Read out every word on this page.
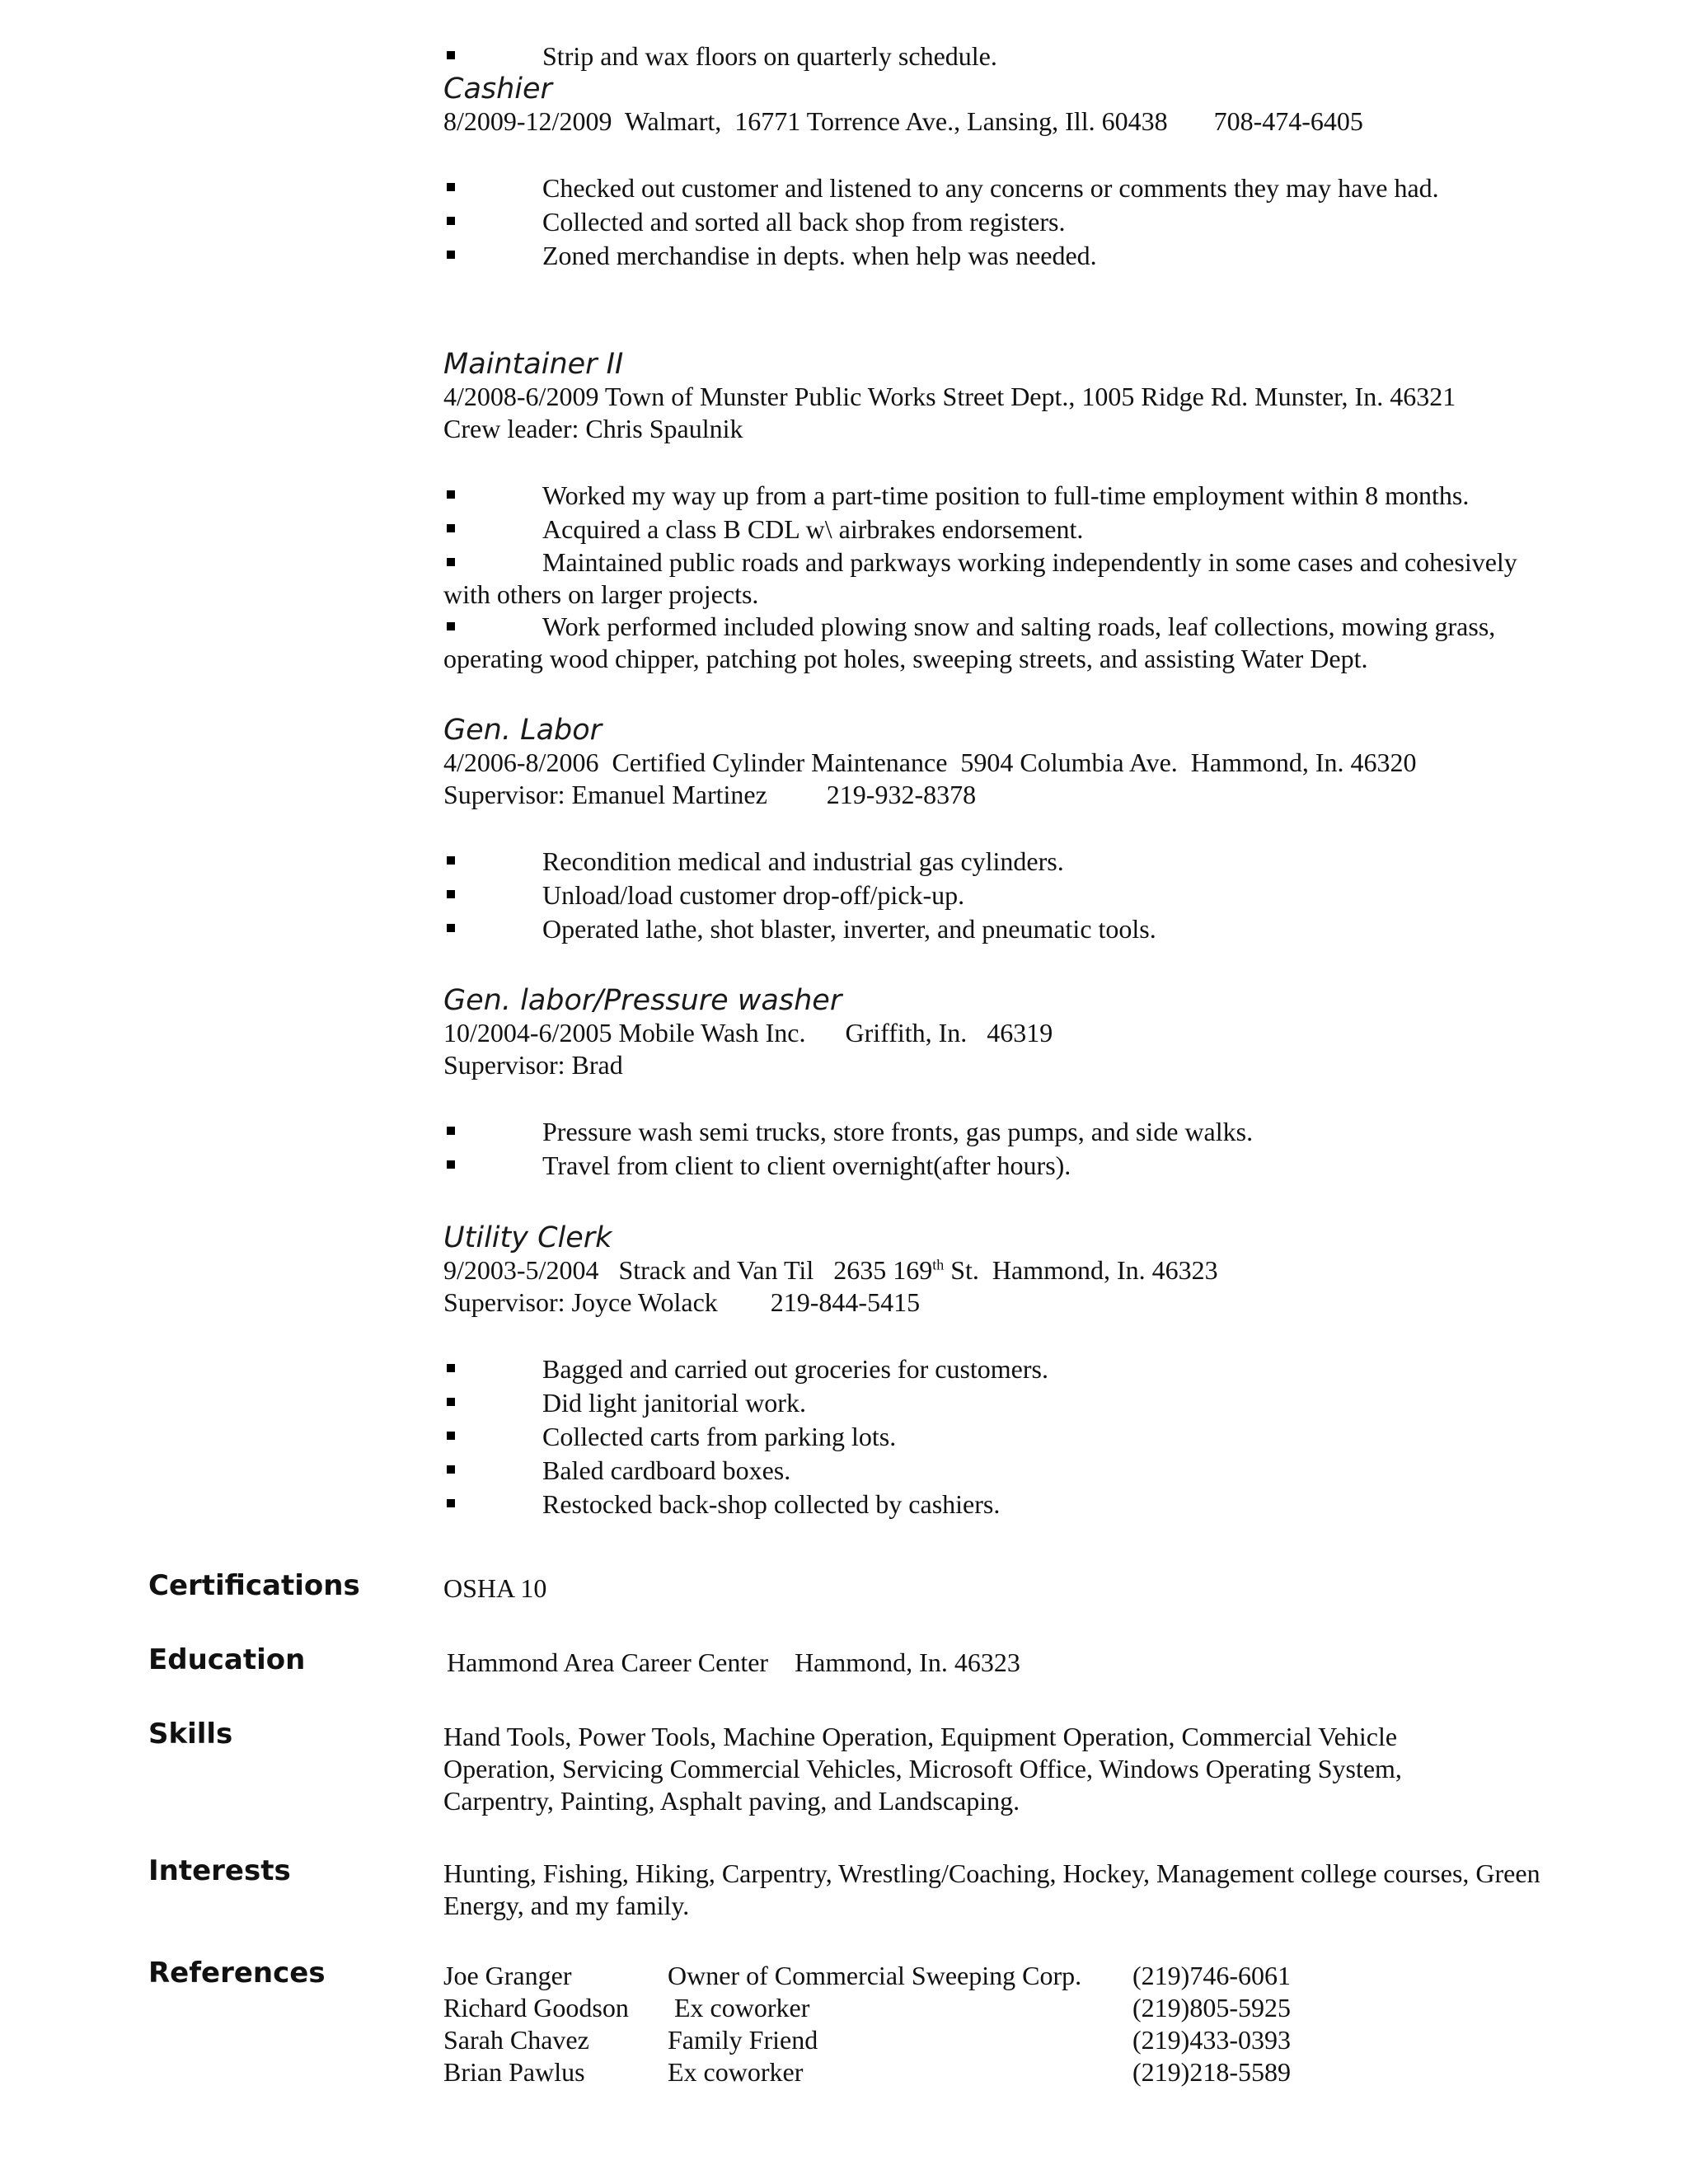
Strip and wax floors on quarterly schedule.

Cashier

8/2009-12/2009  Walmart,  16771 Torrence Ave., Lansing, Ill. 60438       708-474-6405

Checked out customer and listened to any concerns or comments they may have had.
Collected and sorted all back shop from registers.
Zoned merchandise in depts. when help was needed.

Maintainer II

4/2008-6/2009 Town of Munster Public Works Street Dept., 1005 Ridge Rd. Munster, In. 46321

Crew leader: Chris Spaulnik

Worked my way up from a part-time position to full-time employment within 8 months.
Acquired a class B CDL w\ airbrakes endorsement.
Maintained public roads and parkways working independently in some cases and cohesively with others on larger projects.
Work performed included plowing snow and salting roads, leaf collections, mowing grass, operating wood chipper, patching pot holes, sweeping streets, and assisting Water Dept.

Gen. Labor

4/2006-8/2006  Certified Cylinder Maintenance  5904 Columbia Ave.  Hammond, In. 46320

Supervisor: Emanuel Martinez         219-932-8378

Recondition medical and industrial gas cylinders.
Unload/load customer drop-off/pick-up.
Operated lathe, shot blaster, inverter, and pneumatic tools.

Gen. labor/Pressure washer

10/2004-6/2005 Mobile Wash Inc.      Griffith, In.   46319

Supervisor: Brad

Pressure wash semi trucks, store fronts, gas pumps, and side walks.
Travel from client to client overnight(after hours).

Utility Clerk

9/2003-5/2004   Strack and Van Til   2635 169th St.  Hammond, In. 46323

Supervisor: Joyce Wolack        219-844-5415

Bagged and carried out groceries for customers.
Did light janitorial work.
Collected carts from parking lots.
Baled cardboard boxes.
Restocked back-shop collected by cashiers.
Certifications	OSHA 10
Education	Hammond Area Career Center    Hammond, In. 46323
Skills	Hand Tools, Power Tools, Machine Operation, Equipment Operation, Commercial Vehicle Operation, Servicing Commercial Vehicles, Microsoft Office, Windows Operating System, Carpentry, Painting, Asphalt paving, and Landscaping.
Interests	Hunting, Fishing, Hiking, Carpentry, Wrestling/Coaching, Hockey, Management college courses, Green Energy, and my family.
References	Joe Granger	Owner of Commercial Sweeping Corp.	(219)746-6061
Richard Goodson	Ex coworker	(219)805-5925
Sarah Chavez	Family Friend	(219)433-0393
Brian Pawlus	Ex coworker	(219)218-5589
